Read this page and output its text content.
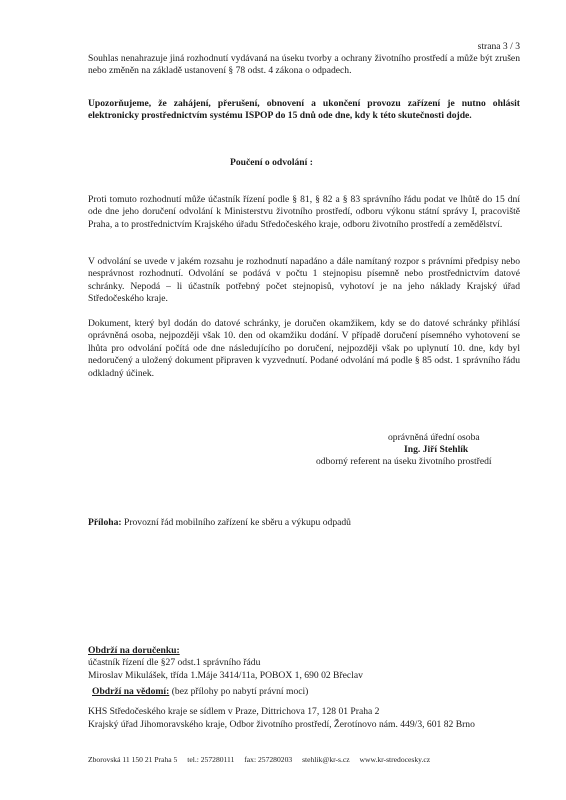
strana 3 / 3
Souhlas nenahrazuje jiná rozhodnutí vydávaná na úseku tvorby a ochrany životního prostředí a může být zrušen nebo změněn na základě ustanovení § 78 odst. 4 zákona o odpadech.
Upozorňujeme, že zahájení, přerušení, obnovení a ukončení provozu zařízení je nutno ohlásit elektronicky prostřednictvím systému ISPOP do 15 dnů ode dne, kdy k této skutečnosti dojde.
Poučení o odvolání :
Proti tomuto rozhodnutí může účastník řízení podle § 81, § 82 a § 83 správního řádu podat ve lhůtě do 15 dní ode dne jeho doručení odvolání k Ministerstvu životního prostředí, odboru výkonu státní správy I, pracoviště Praha, a to prostřednictvím Krajského úřadu Středočeského kraje, odboru životního prostředí a zemědělství.
V odvolání se uvede v jakém rozsahu je rozhodnutí napadáno a dále namítaný rozpor s právními předpisy nebo nesprávnost rozhodnutí. Odvolání se podává v počtu 1 stejnopisu písemně nebo prostřednictvím datové schránky. Nepodá – li účastník potřebný počet stejnopisů, vyhotoví je na jeho náklady Krajský úřad Středočeského kraje.
Dokument, který byl dodán do datové schránky, je doručen okamžikem, kdy se do datové schránky přihlásí oprávněná osoba, nejpozději však 10. den od okamžiku dodání. V případě doručení písemného vyhotovení se lhůta pro odvolání počítá ode dne následujícího po doručení, nejpozději však po uplynutí 10. dne, kdy byl nedoručený a uložený dokument připraven k vyzvednutí. Podané odvolání má podle § 85 odst. 1 správního řádu odkladný účinek.
oprávněná úřední osoba
Ing. Jiří Stehlík
odborný referent na úseku životního prostředí
Příloha: Provozní řád mobilního zařízení ke sběru a výkupu odpadů
Obdrží na doručenku:
účastník řízení dle §27 odst.1 správního řádu
Miroslav Mikulášek, třída 1.Máje 3414/11a, POBOX 1, 690 02 Břeclav
Obdrží na vědomí: (bez přílohy po nabytí právní moci)
KHS Středočeského kraje se sídlem v Praze, Dittrichova 17, 128 01 Praha 2
Krajský úřad Jihomoravského kraje, Odbor životního prostředí, Žerotínovo nám. 449/3, 601 82 Brno
Zborovská 11 150 21 Praha 5 tel.: 257280111 fax: 257280203 stehlik@kr-s.cz www.kr-stredocesky.cz
